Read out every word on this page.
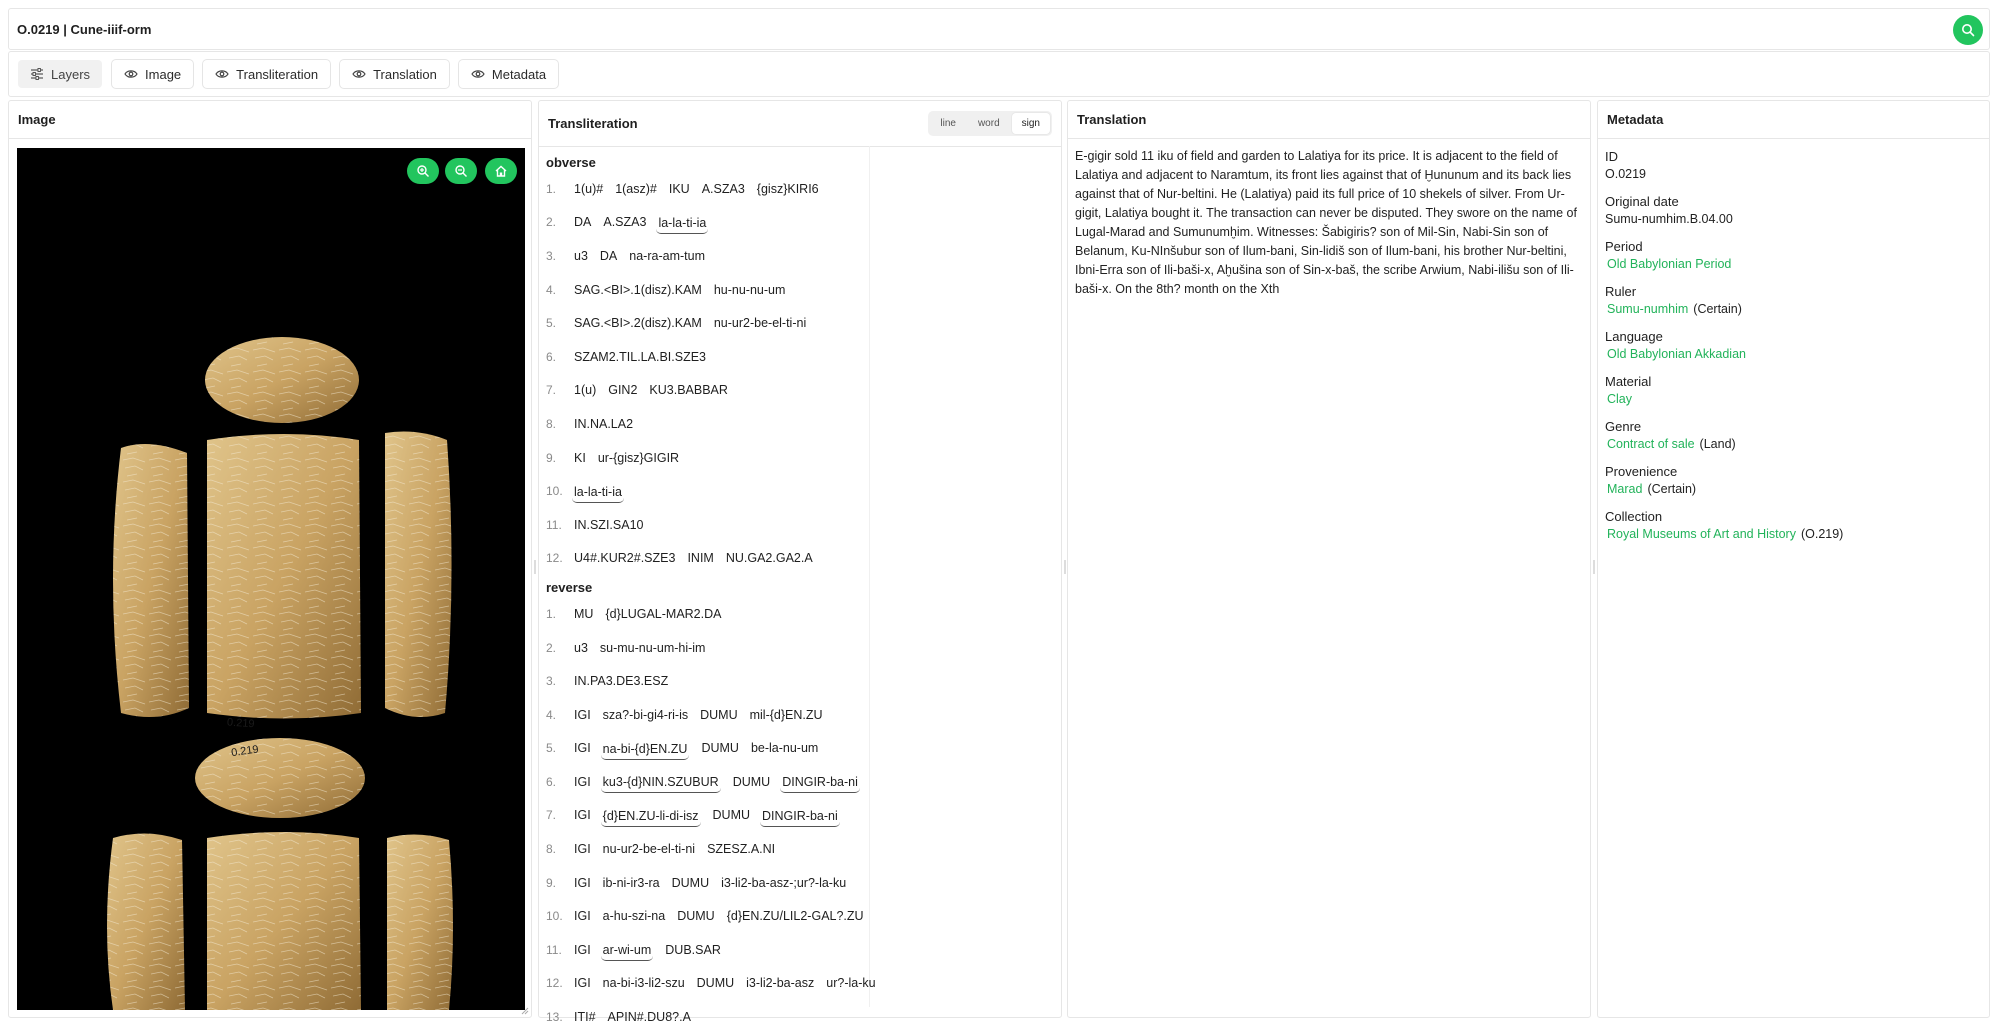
O.0219 | Cune-iiif-orm
Layers	Image	Transliteration	Translation	Metadata
Image
0.219
0.219
Transliteration	line	word	sign
obverse
1.	1(u)# 1(asz)# IKU A.SZA3 {gisz}KIRI6
2.	DA A.SZA3 la-la-ti-ia
3.	u3 DA na-ra-am-tum
4.	SAG.<BI>.1(disz).KAM hu-nu-nu-um
5.	SAG.<BI>.2(disz).KAM nu-ur2-be-el-ti-ni
6.	SZAM2.TIL.LA.BI.SZE3
7.	1(u) GIN2 KU3.BABBAR
8.	IN.NA.LA2
9.	KI ur-{gisz}GIGIR
10. la-la-ti-ia
11. IN.SZI.SA10
12. U4#.KUR2#.SZE3 INIM NU.GA2.GA2.A
reverse
1.	MU {d}LUGAL-MAR2.DA
2.	u3 su-mu-nu-um-hi-im
3.	IN.PA3.DE3.ESZ
4.	IGI sza?-bi-gi4-ri-is DUMU mil-{d}EN.ZU
5.	IGI na-bi-{d}EN.ZU DUMU be-la-nu-um
6.	IGI ku3-{d}NIN.SZUBUR DUMU DINGIR-ba-ni
7.	IGI {d}EN.ZU-li-di-isz DUMU DINGIR-ba-ni
8.	IGI nu-ur2-be-el-ti-ni SZESZ.A.NI
9.	IGI ib-ni-ir3-ra DUMU i3-li2-ba-asz-;ur?-la-ku
10. IGI a-hu-szi-na DUMU {d}EN.ZU/LIL2-GAL?.ZU
11. IGI ar-wi-um DUB.SAR
12. IGI na-bi-i3-li2-szu DUMU i3-li2-ba-asz ur?-la-ku
13. ITI# APIN#.DU8?.A
Translation
E-gigir sold 11 iku of field and garden to Lalatiya for its price. It is adjacent to the field of Lalatiya and adjacent to Naramtum, its front lies against that of Ḫununum and its back lies against that of Nur-beltini. He (Lalatiya) paid its full price of 10 shekels of silver. From Ur-gigit, Lalatiya bought it. The transaction can never be disputed. They swore on the name of Lugal-Marad and Sumunumḫim. Witnesses: Šabigiris? son of Mil-Sin, Nabi-Sin son of Belanum, Ku-NInšubur son of Ilum-bani, Sin-lidiš son of Ilum-bani, his brother Nur-beltini, Ibni-Erra son of Ili-baši-x, Aḫušina son of Sin-x-baš, the scribe Arwium, Nabi-ilišu son of Ili-baši-x. On the 8th? month on the Xth
Metadata
ID
O.0219
Original date
Sumu-numhim.B.04.00
Period
Old Babylonian Period
Ruler
Sumu-numhim (Certain)
Language
Old Babylonian Akkadian
Material
Clay
Genre
Contract of sale (Land)
Provenience
Marad (Certain)
Collection
Royal Museums of Art and History (O.219)
